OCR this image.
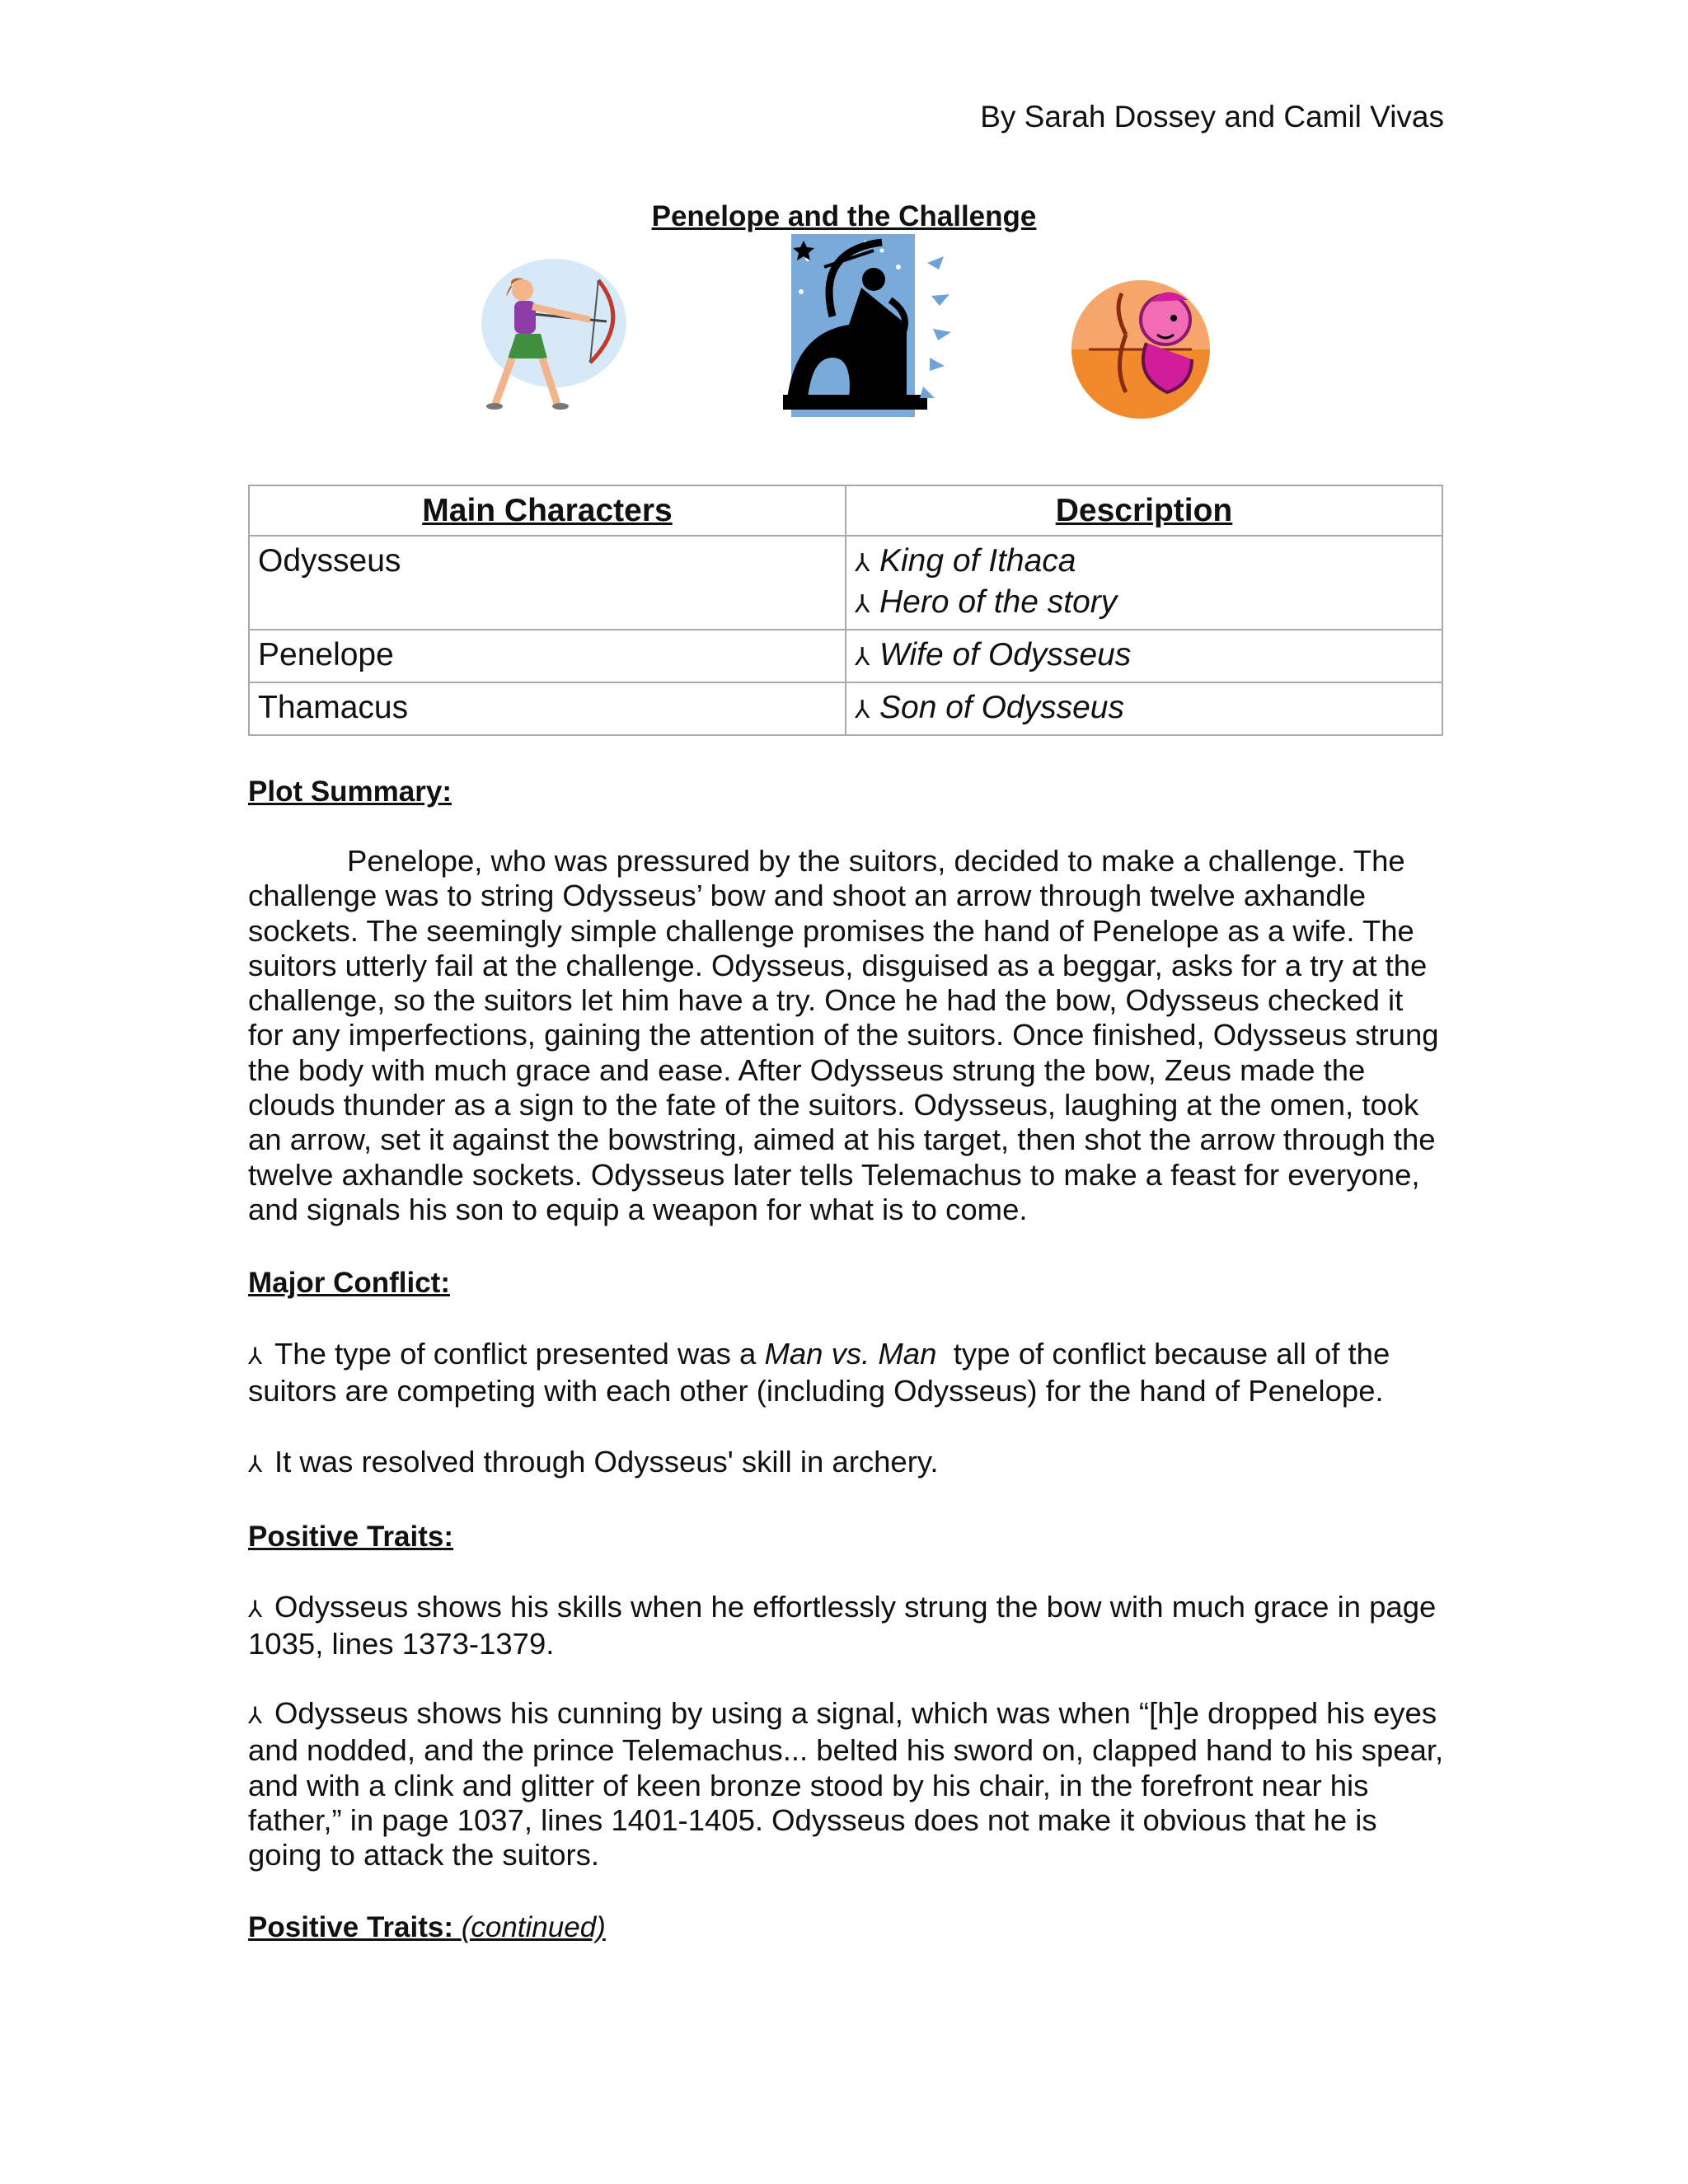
By Sarah Dossey and Camil Vivas
Penelope and the Challenge
Main Characters	Description
Odysseus	⅄ King of Ithaca
⅄ Hero of the story

Penelope	⅄ Wife of Odysseus

Thamacus	⅄ Son of Odysseus
Plot Summary:
Penelope, who was pressured by the suitors, decided to make a challenge. The challenge was to string Odysseus’ bow and shoot an arrow through twelve axhandle sockets. The seemingly simple challenge promises the hand of Penelope as a wife. The suitors utterly fail at the challenge. Odysseus, disguised as a beggar, asks for a try at the challenge, so the suitors let him have a try. Once he had the bow, Odysseus checked it for any imperfections, gaining the attention of the suitors. Once finished, Odysseus strung the body with much grace and ease. After Odysseus strung the bow, Zeus made the clouds thunder as a sign to the fate of the suitors. Odysseus, laughing at the omen, took an arrow, set it against the bowstring, aimed at his target, then shot the arrow through the twelve axhandle sockets. Odysseus later tells Telemachus to make a feast for everyone, and signals his son to equip a weapon for what is to come.
Major Conflict:
⅄ The type of conflict presented was a Man vs. Man  type of conflict because all of the suitors are competing with each other (including Odysseus) for the hand of Penelope.
⅄ It was resolved through Odysseus' skill in archery.
Positive Traits:
⅄ Odysseus shows his skills when he effortlessly strung the bow with much grace in page 1035, lines 1373-1379.
⅄ Odysseus shows his cunning by using a signal, which was when “[h]e dropped his eyes and nodded, and the prince Telemachus... belted his sword on, clapped hand to his spear, and with a clink and glitter of keen bronze stood by his chair, in the forefront near his father,” in page 1037, lines 1401-1405. Odysseus does not make it obvious that he is going to attack the suitors.
Positive Traits: (continued)
